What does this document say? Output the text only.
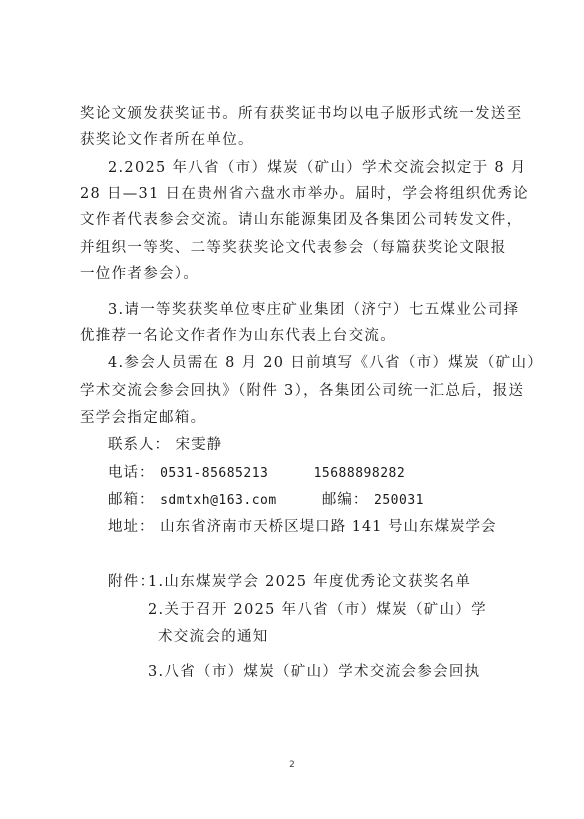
奖论文颁发获奖证书。所有获奖证书均以电子版形式统一发送至
获奖论文作者所在单位。
2.2025 年八省（市）煤炭（矿山）学术交流会拟定于 8 月
28 日—31 日在贵州省六盘水市举办。届时，学会将组织优秀论
文作者代表参会交流。请山东能源集团及各集团公司转发文件，
并组织一等奖、二等奖获奖论文代表参会（每篇获奖论文限报
一位作者参会）。
3.请一等奖获奖单位枣庄矿业集团（济宁）七五煤业公司择
优推荐一名论文作者作为山东代表上台交流。
4.参会人员需在 8 月 20 日前填写《八省（市）煤炭（矿山）
学术交流会参会回执》（附件 3），各集团公司统一汇总后，报送
至学会指定邮箱。
联系人： 宋雯静
电话： 0531-85685213	15688898282
邮箱： sdmtxh@163.com	邮编： 250031
地址： 山东省济南市天桥区堤口路 141 号山东煤炭学会
附件：
1.山东煤炭学会 2025 年度优秀论文获奖名单
2.关于召开 2025 年八省（市）煤炭（矿山）学
术交流会的通知
3.八省（市）煤炭（矿山）学术交流会参会回执
2
